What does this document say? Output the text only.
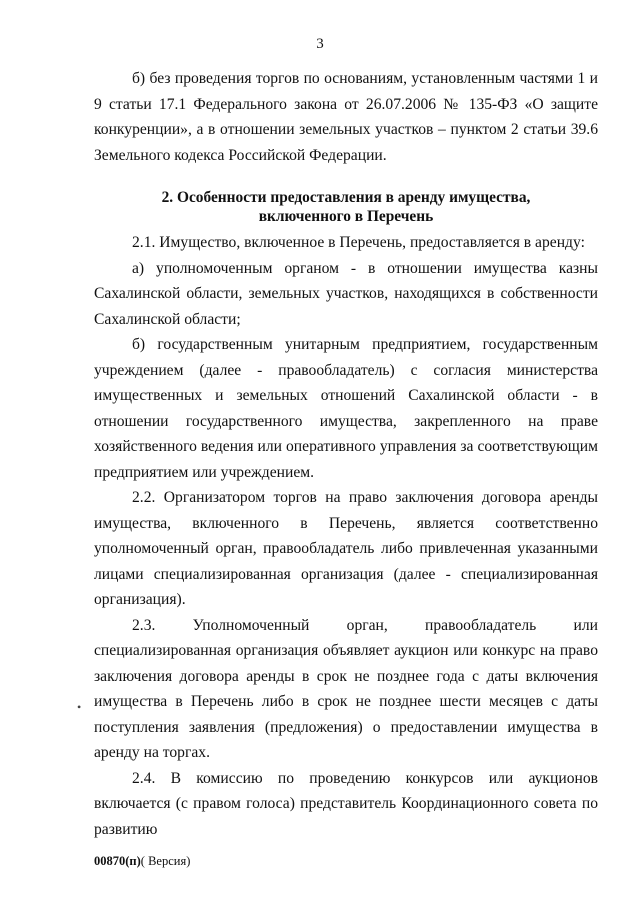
3
•

б) без проведения торгов по основаниям, установленным частями 1 и 9 статьи 17.1 Федерального закона от 26.07.2006 № 135-ФЗ «О защите конкуренции», а в отношении земельных участков – пунктом 2 статьи 39.6 Земельного кодекса Российской Федерации.

2. Особенности предоставления в аренду имущества,
включенного в Перечень

2.1. Имущество, включенное в Перечень, предоставляется в аренду:

а) уполномоченным органом - в отношении имущества казны Сахалинской области, земельных участков, находящихся в собственности Сахалинской области;

б) государственным унитарным предприятием, государственным учреждением (далее - правообладатель) с согласия министерства имущественных и земельных отношений Сахалинской области - в отношении государственного имущества, закрепленного на праве хозяйственного ведения или оперативного управления за соответствующим предприятием или учреждением.

2.2. Организатором торгов на право заключения договора аренды имущества, включенного в Перечень, является соответственно уполномоченный орган, правообладатель либо привлеченная указанными лицами специализированная организация (далее - специализированная организация).

2.3. Уполномоченный орган, правообладатель или специализированная организация объявляет аукцион или конкурс на право заключения договора аренды в срок не позднее года с даты включения имущества в Перечень либо в срок не позднее шести месяцев с даты поступления заявления (предложения) о предоставлении имущества в аренду на торгах.

2.4. В комиссию по проведению конкурсов или аукционов включается (с правом голоса) представитель Координационного совета по развитию

00870(п)( Версия)
